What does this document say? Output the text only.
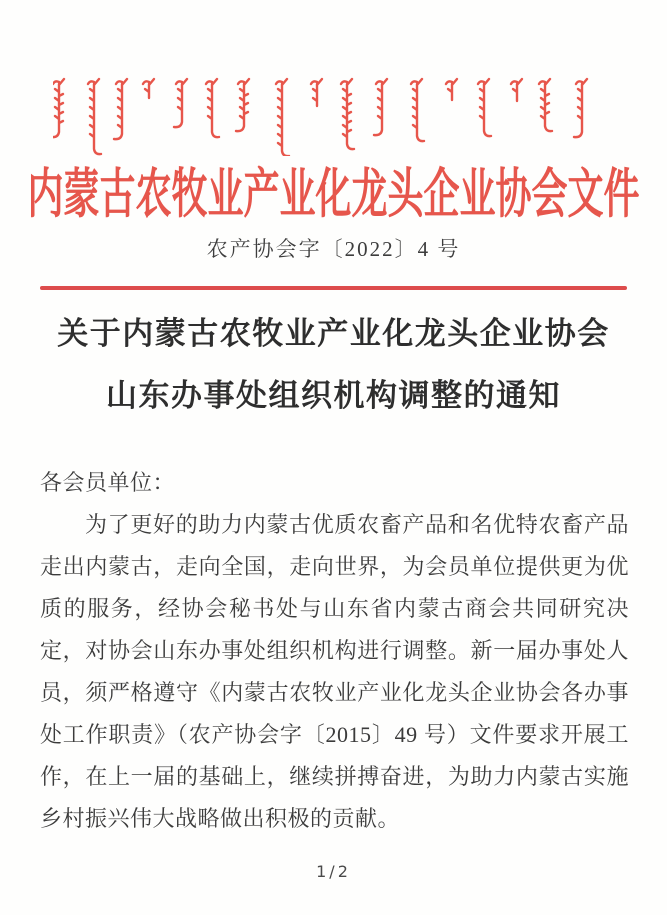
内蒙古农牧业产业化龙头企业协会文件
农产协会字〔2022〕4 号
关于内蒙古农牧业产业化龙头企业协会
山东办事处组织机构调整的通知

各会员单位：

为了更好的助力内蒙古优质农畜产品和名优特农畜产品走出内蒙古，走向全国，走向世界，为会员单位提供更为优质的服务，经协会秘书处与山东省内蒙古商会共同研究决定，对协会山东办事处组织机构进行调整。新一届办事处人员，须严格遵守《内蒙古农牧业产业化龙头企业协会各办事处工作职责》（农产协会字〔2015〕49 号）文件要求开展工作，在上一届的基础上，继续拼搏奋进，为助力内蒙古实施乡村振兴伟大战略做出积极的贡献。

1/2
